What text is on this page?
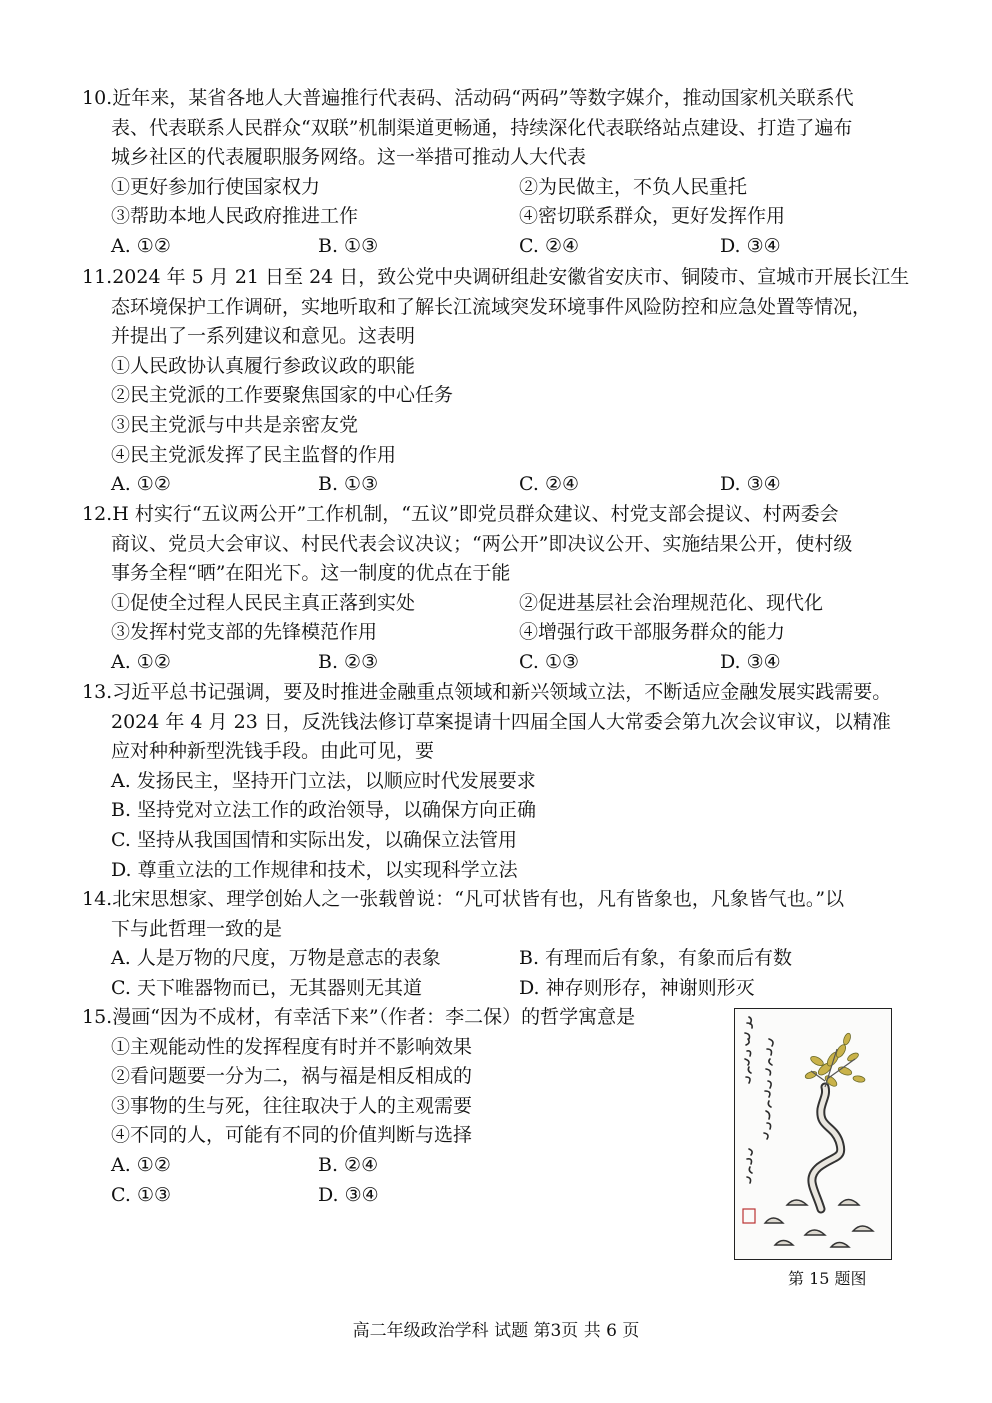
10.近年来，某省各地人大普遍推行代表码、活动码“两码”等数字媒介，推动国家机关联系代
表、代表联系人民群众“双联”机制渠道更畅通，持续深化代表联络站点建设、打造了遍布
城乡社区的代表履职服务网络。这一举措可推动人大代表
①更好参加行使国家权力	②为民做主，不负人民重托
③帮助本地人民政府推进工作	④密切联系群众，更好发挥作用
A. ①②	B. ①③	C. ②④	D. ③④
11.2024 年 5 月 21 日至 24 日，致公党中央调研组赴安徽省安庆市、铜陵市、宣城市开展长江生
态环境保护工作调研，实地听取和了解长江流域突发环境事件风险防控和应急处置等情况，
并提出了一系列建议和意见。这表明
①人民政协认真履行参政议政的职能
②民主党派的工作要聚焦国家的中心任务
③民主党派与中共是亲密友党
④民主党派发挥了民主监督的作用
A. ①②	B. ①③	C. ②④	D. ③④
12.H 村实行“五议两公开”工作机制，“五议”即党员群众建议、村党支部会提议、村两委会
商议、党员大会审议、村民代表会议决议；“两公开”即决议公开、实施结果公开，使村级
事务全程“晒”在阳光下。这一制度的优点在于能
①促使全过程人民民主真正落到实处	②促进基层社会治理规范化、现代化
③发挥村党支部的先锋模范作用	④增强行政干部服务群众的能力
A. ①②	B. ②③	C. ①③	D. ③④
13.习近平总书记强调，要及时推进金融重点领域和新兴领域立法，不断适应金融发展实践需要。
2024 年 4 月 23 日，反洗钱法修订草案提请十四届全国人大常委会第九次会议审议，以精准
应对种种新型洗钱手段。由此可见，要
A. 发扬民主，坚持开门立法，以顺应时代发展要求
B. 坚持党对立法工作的政治领导，以确保方向正确
C. 坚持从我国国情和实际出发，以确保立法管用
D. 尊重立法的工作规律和技术，以实现科学立法
14.北宋思想家、理学创始人之一张载曾说：“凡可状皆有也，凡有皆象也，凡象皆气也。”以
下与此哲理一致的是
A. 人是万物的尺度，万物是意志的表象	B. 有理而后有象，有象而后有数
C. 天下唯器物而已，无其器则无其道	D. 神存则形存，神谢则形灭
15.漫画“因为不成材，有幸活下来”（作者：李二保）的哲学寓意是
①主观能动性的发挥程度有时并不影响效果
②看问题要一分为二，祸与福是相反相成的
③事物的生与死，往往取决于人的主观需要
④不同的人，可能有不同的价值判断与选择
A. ①②	B. ②④
C. ①③	D. ③④
第 15 题图
高二年级政治学科 试题 第3页 共 6 页
